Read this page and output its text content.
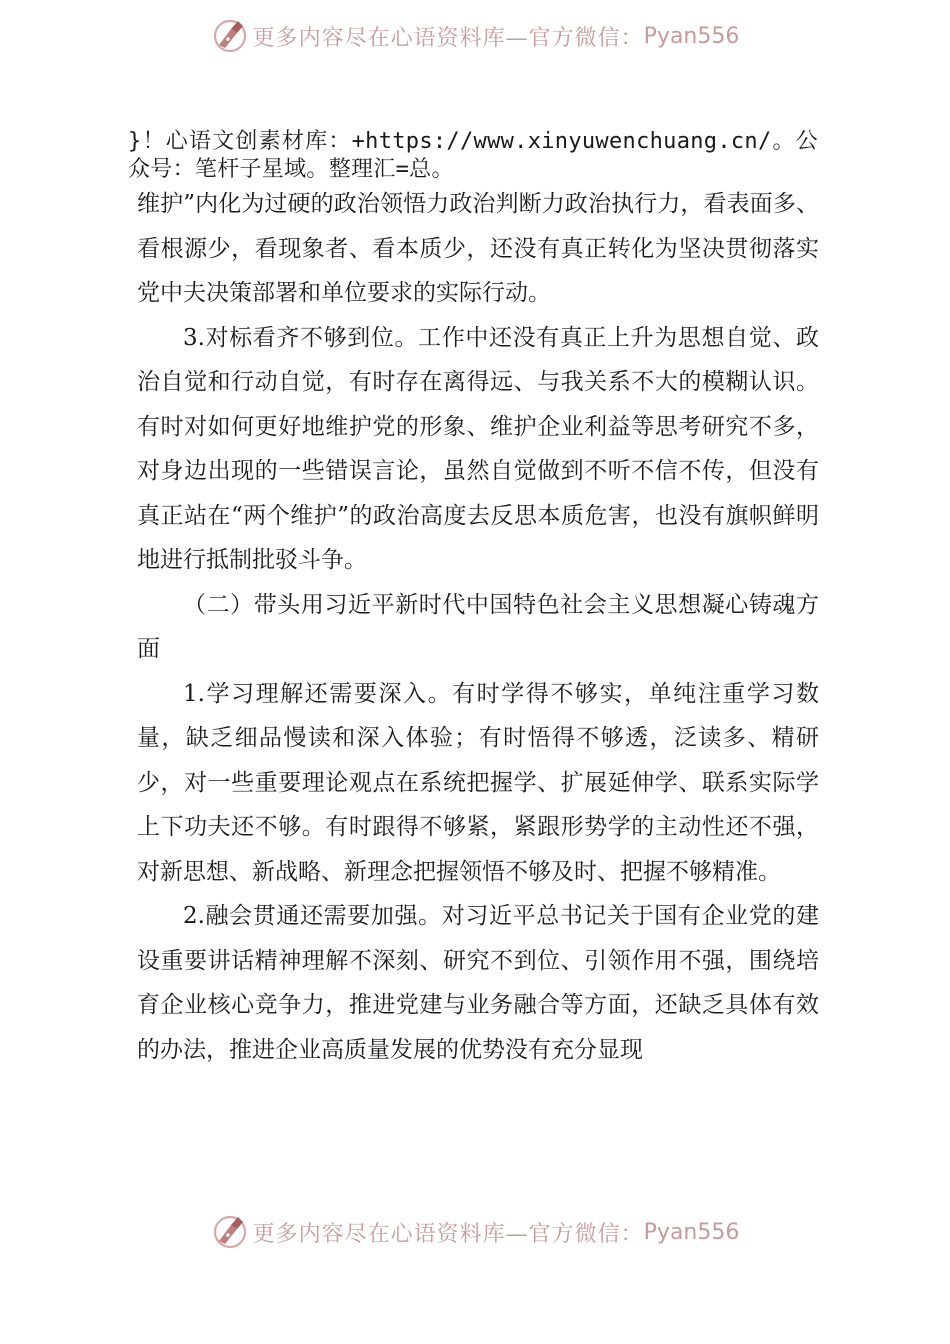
更多内容尽在心语资料库—官方微信： Pyan556

}！心语文创素材库：+https://www.xinyuwenchuang.cn/。公众号：笔杆子星域。整理汇=总。

维护”内化为过硬的政治领悟力政治判断力政治执行力，看表面多、看根源少，看现象者、看本质少，还没有真正转化为坚决贯彻落实党中夫决策部署和单位要求的实际行动。

3.对标看齐不够到位。工作中还没有真正上升为思想自觉、政治自觉和行动自觉，有时存在离得远、与我关系不大的模糊认识。有时对如何更好地维护党的形象、维护企业利益等思考研究不多，对身边出现的一些错误言论，虽然自觉做到不听不信不传，但没有真正站在“两个维护”的政治高度去反思本质危害，也没有旗帜鲜明地进行抵制批驳斗争。

（二）带头用习近平新时代中国特色社会主义思想凝心铸魂方面

1.学习理解还需要深入。有时学得不够实，单纯注重学习数量，缺乏细品慢读和深入体验；有时悟得不够透，泛读多、精研少，对一些重要理论观点在系统把握学、扩展延伸学、联系实际学上下功夫还不够。有时跟得不够紧，紧跟形势学的主动性还不强，对新思想、新战略、新理念把握领悟不够及时、把握不够精准。

2.融会贯通还需要加强。对习近平总书记关于国有企业党的建设重要讲话精神理解不深刻、研究不到位、引领作用不强，围绕培育企业核心竞争力，推进党建与业务融合等方面，还缺乏具体有效的办法，推进企业高质量发展的优势没有充分显现

更多内容尽在心语资料库—官方微信： Pyan556
